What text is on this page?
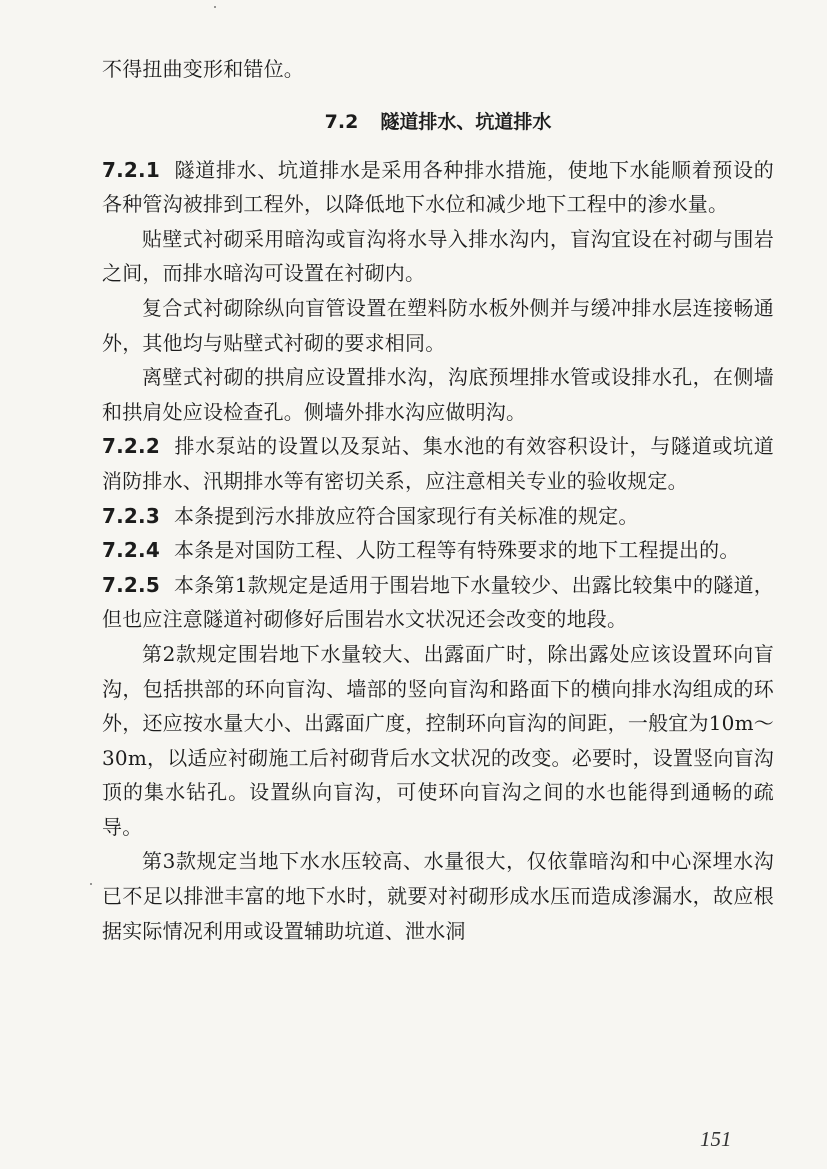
不得扭曲变形和错位。

7.2 隧道排水、坑道排水

7.2.1 隧道排水、坑道排水是采用各种排水措施，使地下水能顺着预设的各种管沟被排到工程外，以降低地下水位和减少地下工程中的渗水量。

贴壁式衬砌采用暗沟或盲沟将水导入排水沟内，盲沟宜设在衬砌与围岩之间，而排水暗沟可设置在衬砌内。

复合式衬砌除纵向盲管设置在塑料防水板外侧并与缓冲排水层连接畅通外，其他均与贴壁式衬砌的要求相同。

离壁式衬砌的拱肩应设置排水沟，沟底预埋排水管或设排水孔，在侧墙和拱肩处应设检查孔。侧墙外排水沟应做明沟。

7.2.2 排水泵站的设置以及泵站、集水池的有效容积设计，与隧道或坑道消防排水、汛期排水等有密切关系，应注意相关专业的验收规定。

7.2.3 本条提到污水排放应符合国家现行有关标准的规定。

7.2.4 本条是对国防工程、人防工程等有特殊要求的地下工程提出的。

7.2.5 本条第1款规定是适用于围岩地下水量较少、出露比较集中的隧道，但也应注意隧道衬砌修好后围岩水文状况还会改变的地段。

第2款规定围岩地下水量较大、出露面广时，除出露处应该设置环向盲沟，包括拱部的环向盲沟、墙部的竖向盲沟和路面下的横向排水沟组成的环外，还应按水量大小、出露面广度，控制环向盲沟的间距，一般宜为10m～30m，以适应衬砌施工后衬砌背后水文状况的改变。必要时，设置竖向盲沟顶的集水钻孔。设置纵向盲沟，可使环向盲沟之间的水也能得到通畅的疏导。

第3款规定当地下水水压较高、水量很大，仅依靠暗沟和中心深埋水沟已不足以排泄丰富的地下水时，就要对衬砌形成水压而造成渗漏水，故应根据实际情况利用或设置辅助坑道、泄水洞

151
